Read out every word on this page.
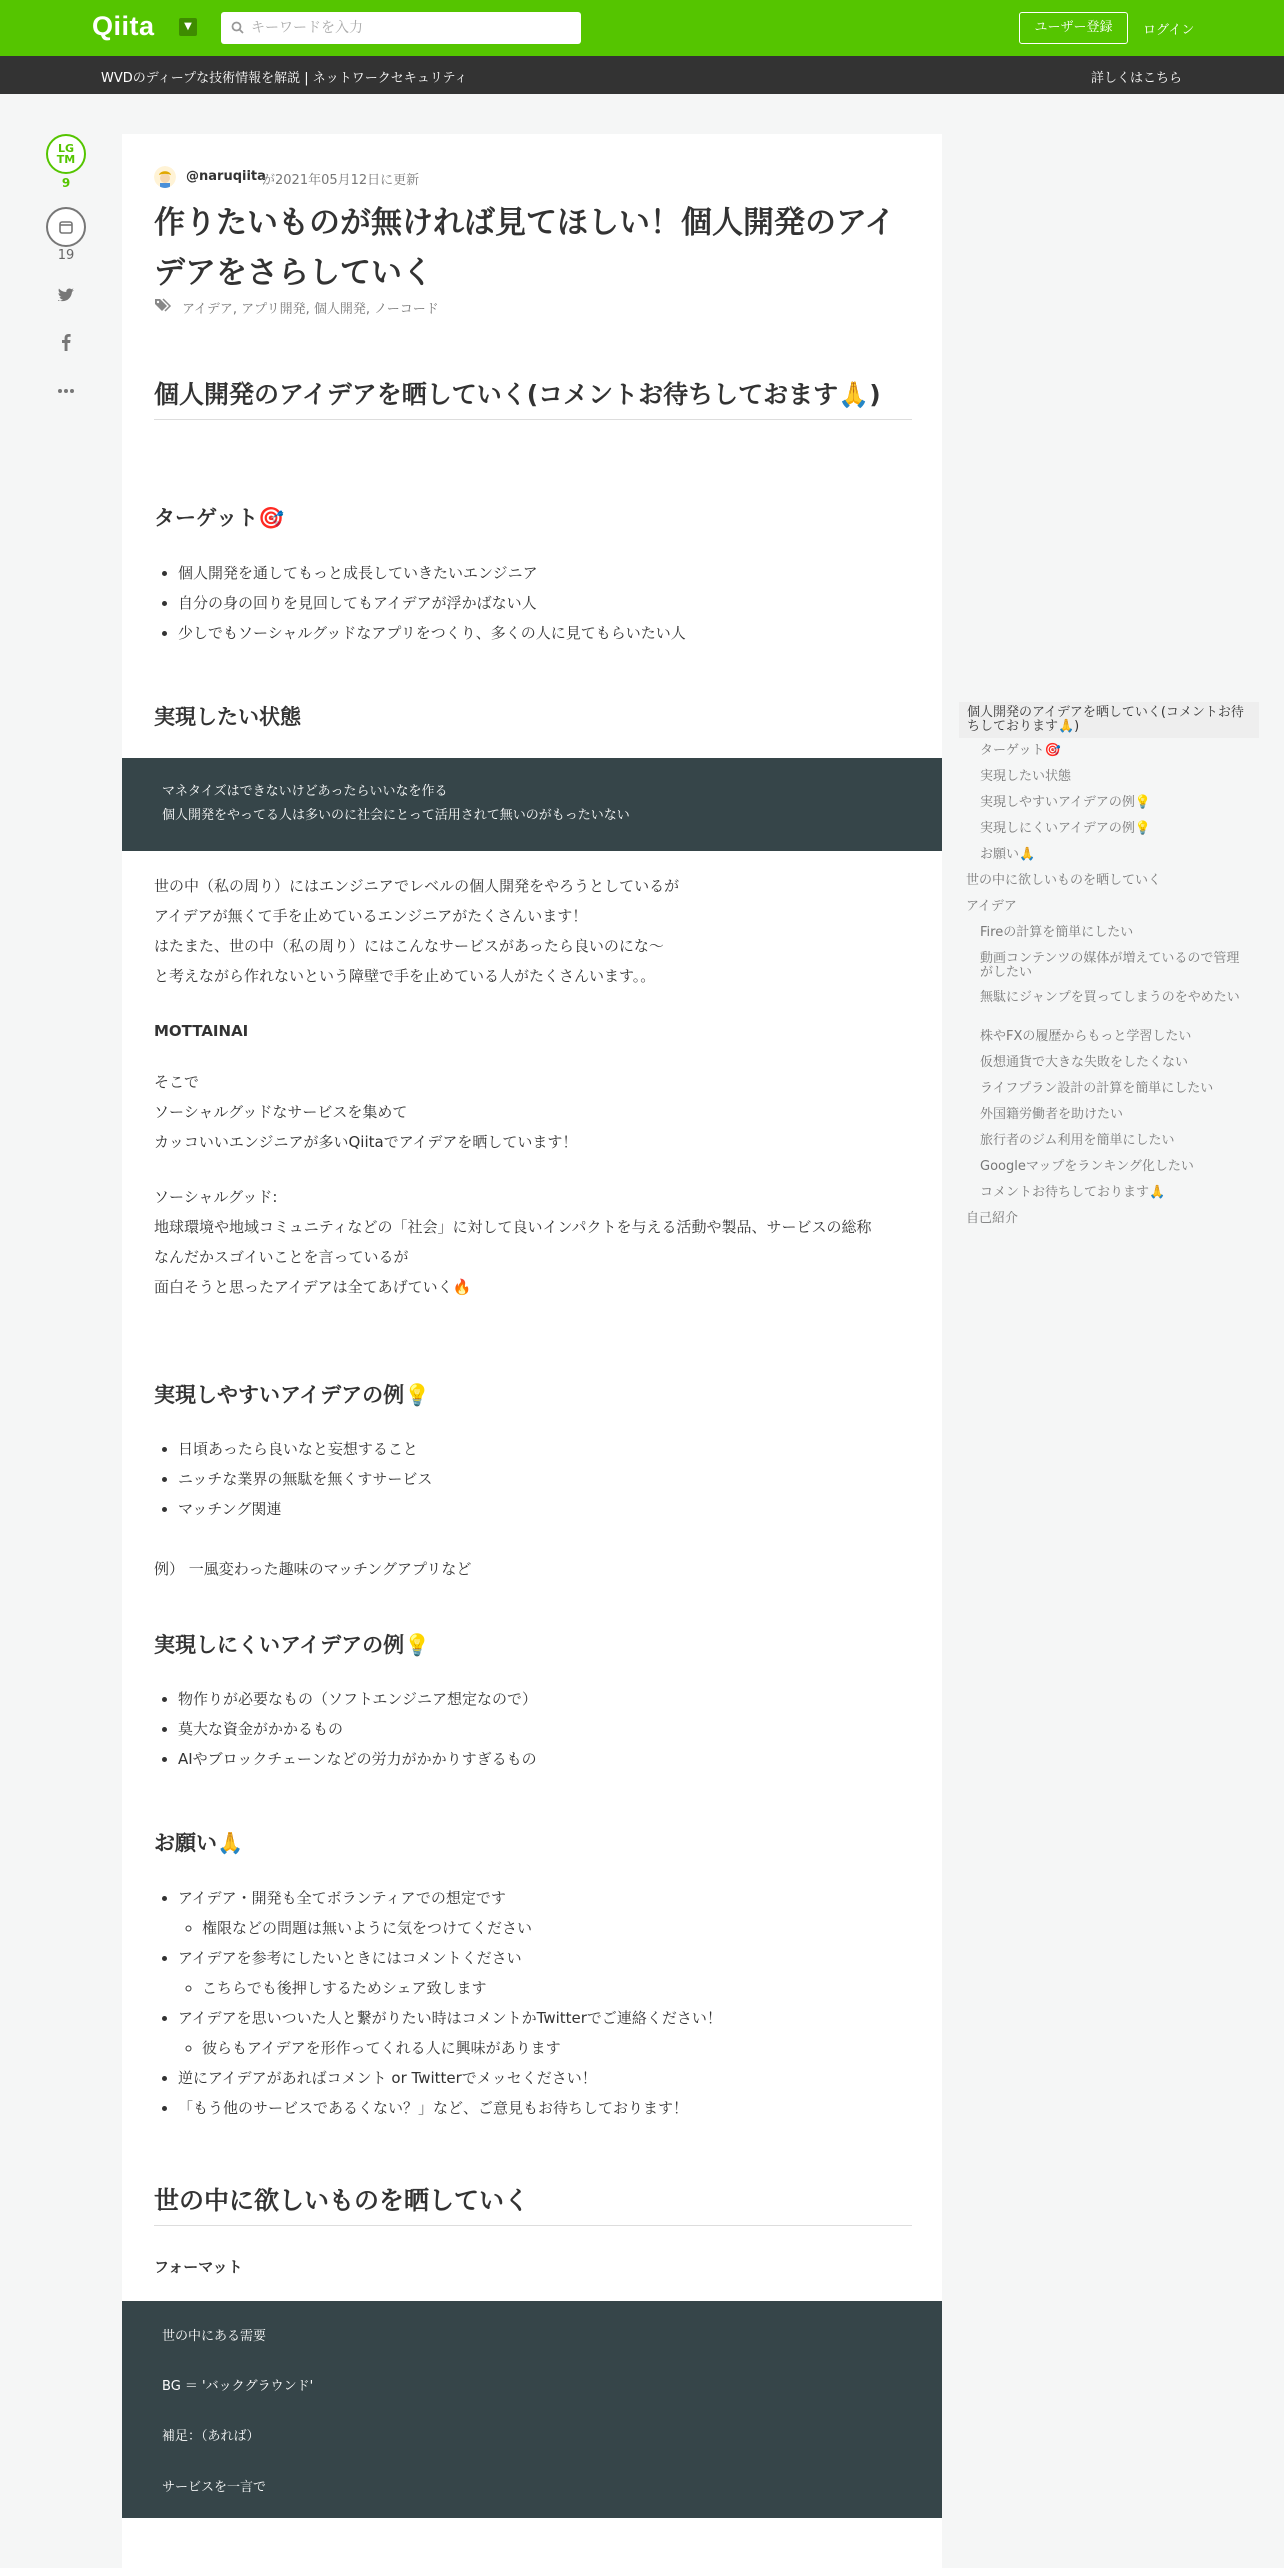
Qiita	▼
キーワードを入力	ユーザー登録	ログイン
WVDのディープな技術情報を解説 | ネットワークセキュリティ	詳しくはこちら
LG
TM
9
19
@naruqiita
が2021年05月12日に更新
作りたいものが無ければ見てほしい！個人開発のアイデアをさらしていく
アイデア, アプリ開発, 個人開発, ノーコード
個人開発のアイデアを晒していく(コメントお待ちしておます🙏)
ターゲット🎯
• 個人開発を通してもっと成長していきたいエンジニア
• 自分の身の回りを見回してもアイデアが浮かばない人
• 少しでもソーシャルグッドなアプリをつくり、多くの人に見てもらいたい人
実現したい状態
マネタイズはできないけどあったらいいなを作る
個人開発をやってる人は多いのに社会にとって活用されて無いのがもったいない
世の中（私の周り）にはエンジニアでレベルの個人開発をやろうとしているが
アイデアが無くて手を止めているエンジニアがたくさんいます！
はたまた、世の中（私の周り）にはこんなサービスがあったら良いのにな〜
と考えながら作れないという障壁で手を止めている人がたくさんいます。。
MOTTAINAI
そこで
ソーシャルグッドなサービスを集めて
カッコいいエンジニアが多いQiitaでアイデアを晒しています！
ソーシャルグッド:
地球環境や地域コミュニティなどの「社会」に対して良いインパクトを与える活動や製品、サービスの総称
なんだかスゴイいことを言っているが
面白そうと思ったアイデアは全てあげていく🔥
実現しやすいアイデアの例💡
• 日頃あったら良いなと妄想すること
• ニッチな業界の無駄を無くすサービス
• マッチング関連
例） 一風変わった趣味のマッチングアプリなど
実現しにくいアイデアの例💡
• 物作りが必要なもの（ソフトエンジニア想定なので）
• 莫大な資金がかかるもの
• AIやブロックチェーンなどの労力がかかりすぎるもの
お願い🙏
• アイデア・開発も全てボランティアでの想定です
◦ 権限などの問題は無いように気をつけてください
• アイデアを参考にしたいときにはコメントください
◦ こちらでも後押しするためシェア致します
• アイデアを思いついた人と繋がりたい時はコメントかTwitterでご連絡ください！
◦ 彼らもアイデアを形作ってくれる人に興味があります
• 逆にアイデアがあればコメント or Twitterでメッセください！
• 「もう他のサービスであるくない？」など、ご意見もお待ちしております！
世の中に欲しいものを晒していく
フォーマット
世の中にある需要
BG ＝ 'バックグラウンド'
補足：（あれば）
サービスを一言で
個人開発のアイデアを晒していく(コメントお待ちしております🙏)
ターゲット🎯
実現したい状態
実現しやすいアイデアの例💡
実現しにくいアイデアの例💡
お願い🙏
世の中に欲しいものを晒していく
アイデア
Fireの計算を簡単にしたい
動画コンテンツの媒体が増えているので管理がしたい
無駄にジャンプを買ってしまうのをやめたい
株やFXの履歴からもっと学習したい
仮想通貨で大きな失敗をしたくない
ライフプラン設計の計算を簡単にしたい
外国籍労働者を助けたい
旅行者のジム利用を簡単にしたい
Googleマップをランキング化したい
コメントお待ちしております🙏
自己紹介
